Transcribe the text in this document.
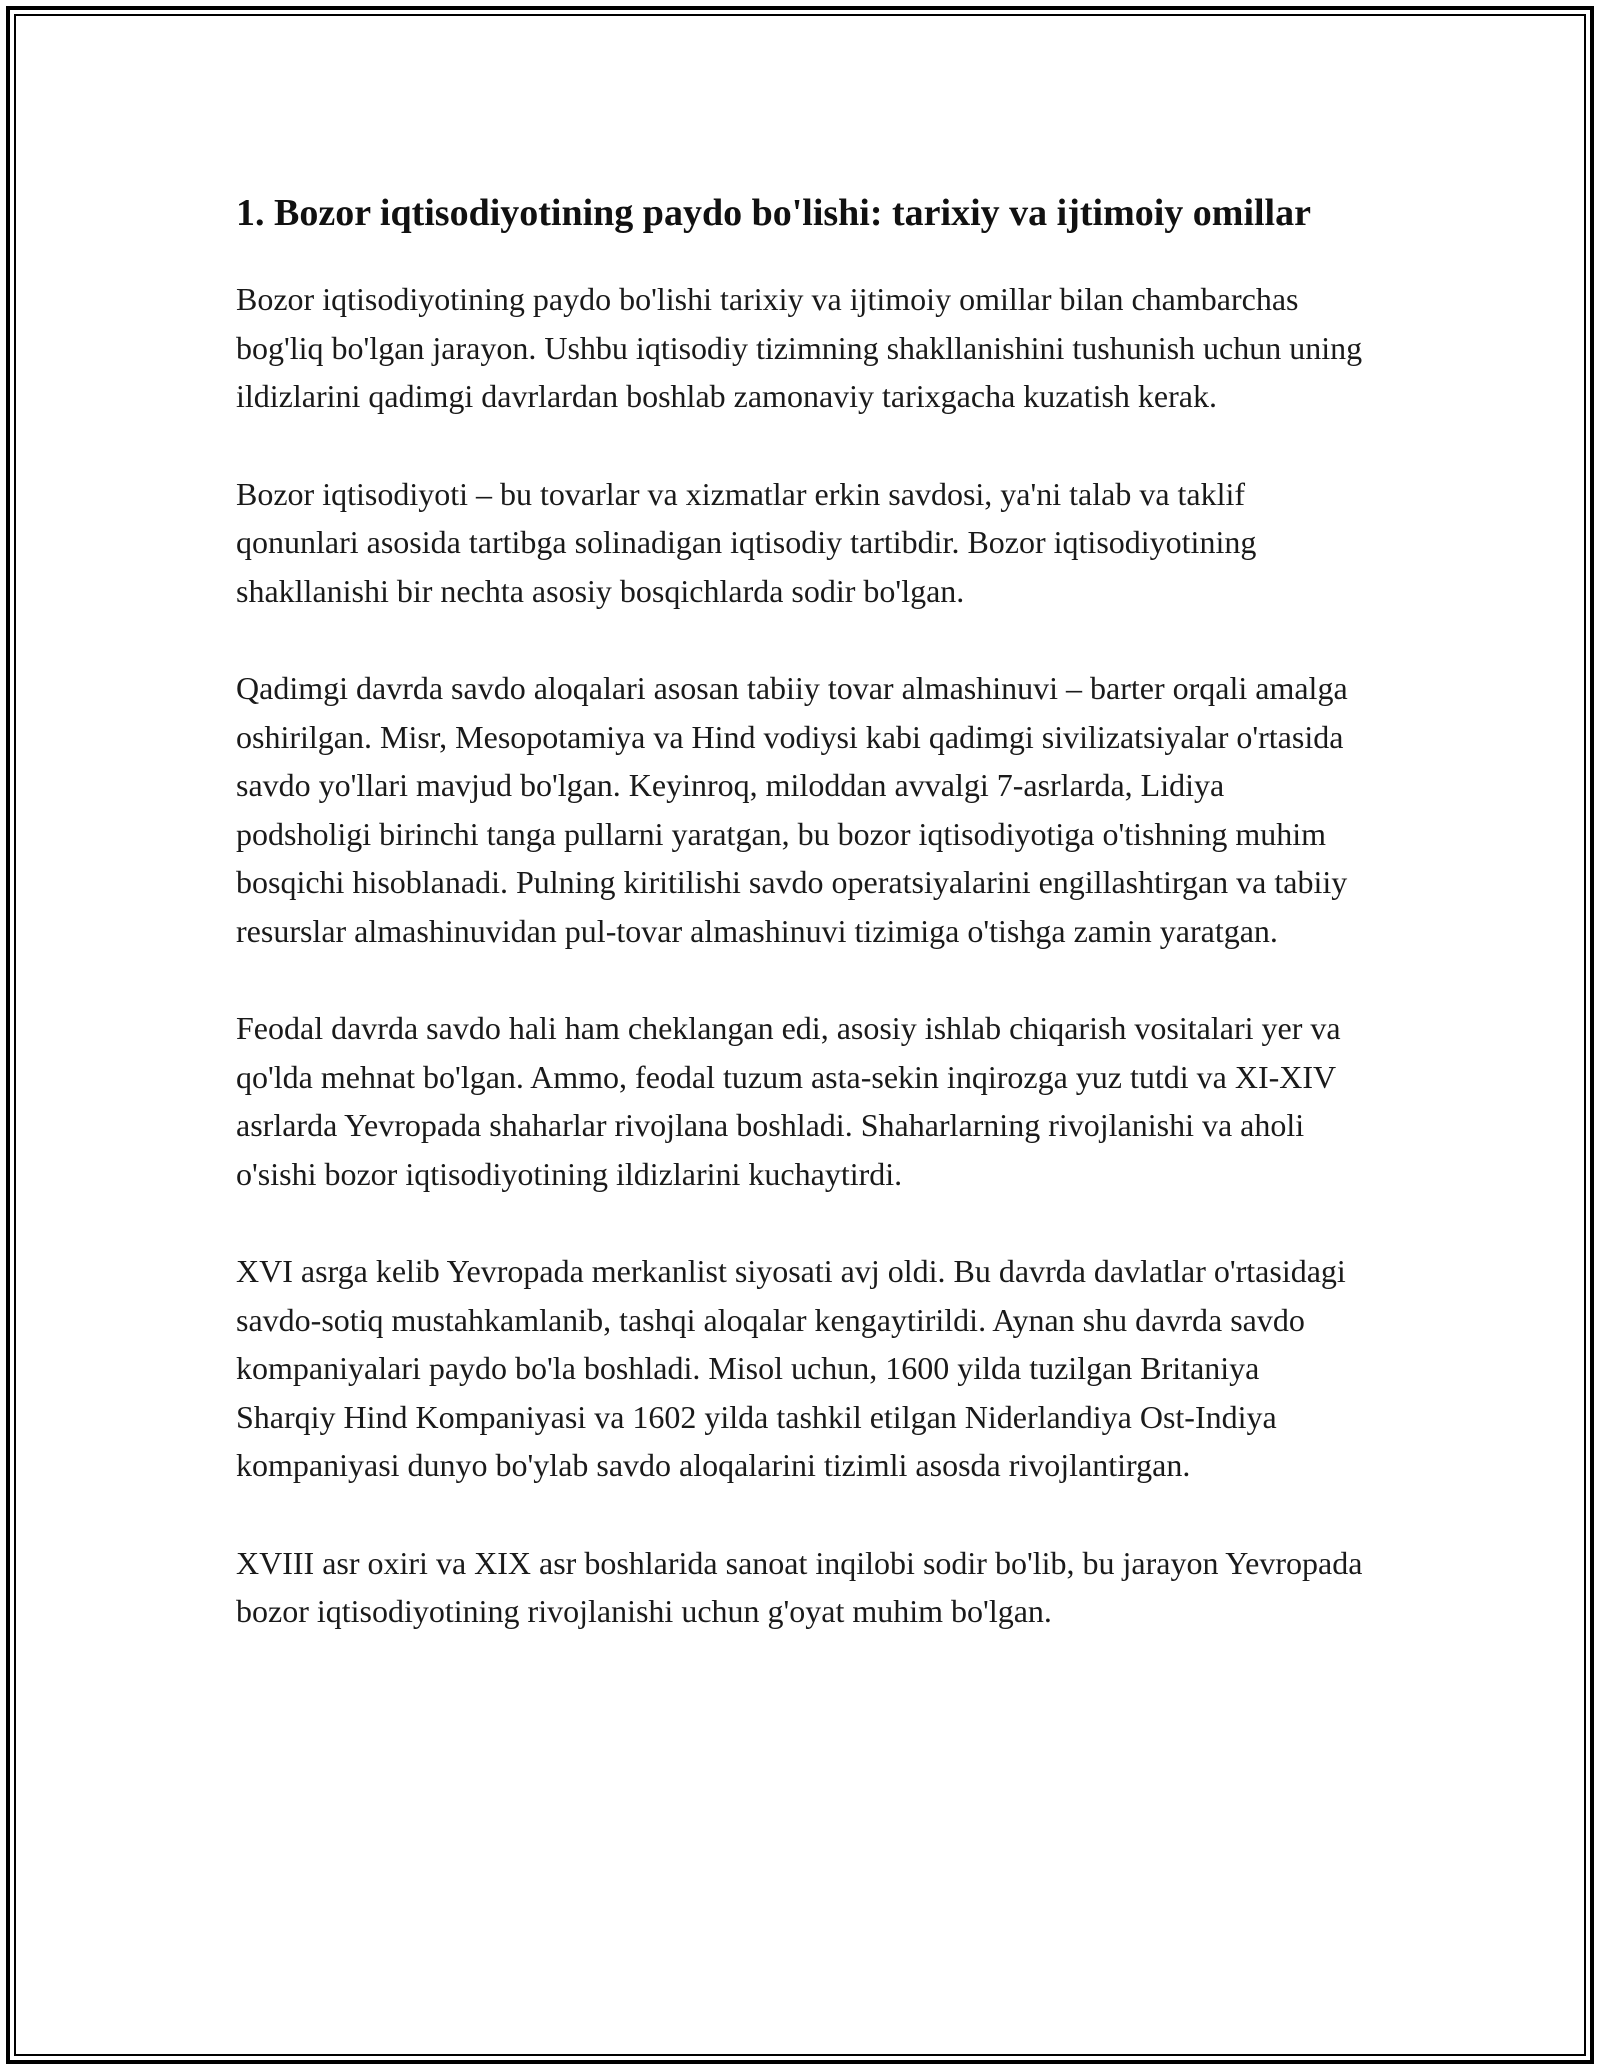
1. Bozor iqtisodiyotining paydo bo'lishi: tarixiy va ijtimoiy omillar

Bozor iqtisodiyotining paydo bo'lishi tarixiy va ijtimoiy omillar bilan chambarchas bog'liq bo'lgan jarayon. Ushbu iqtisodiy tizimning shakllanishini tushunish uchun uning ildizlarini qadimgi davrlardan boshlab zamonaviy tarixgacha kuzatish kerak.

Bozor iqtisodiyoti – bu tovarlar va xizmatlar erkin savdosi, ya'ni talab va taklif qonunlari asosida tartibga solinadigan iqtisodiy tartibdir. Bozor iqtisodiyotining shakllanishi bir nechta asosiy bosqichlarda sodir bo'lgan.

Qadimgi davrda savdo aloqalari asosan tabiiy tovar almashinuvi – barter orqali amalga oshirilgan. Misr, Mesopotamiya va Hind vodiysi kabi qadimgi sivilizatsiyalar o'rtasida savdo yo'llari mavjud bo'lgan. Keyinroq, miloddan avvalgi 7-asrlarda, Lidiya podsholigi birinchi tanga pullarni yaratgan, bu bozor iqtisodiyotiga o'tishning muhim bosqichi hisoblanadi. Pulning kiritilishi savdo operatsiyalarini engillashtirgan va tabiiy resurslar almashinuvidan pul-tovar almashinuvi tizimiga o'tishga zamin yaratgan.

Feodal davrda savdo hali ham cheklangan edi, asosiy ishlab chiqarish vositalari yer va qo'lda mehnat bo'lgan. Ammo, feodal tuzum asta-sekin inqirozga yuz tutdi va XI-XIV asrlarda Yevropada shaharlar rivojlana boshladi. Shaharlarning rivojlanishi va aholi o'sishi bozor iqtisodiyotining ildizlarini kuchaytirdi.

XVI asrga kelib Yevropada merkanlist siyosati avj oldi. Bu davrda davlatlar o'rtasidagi savdo-sotiq mustahkamlanib, tashqi aloqalar kengaytirildi. Aynan shu davrda savdo kompaniyalari paydo bo'la boshladi. Misol uchun, 1600 yilda tuzilgan Britaniya Sharqiy Hind Kompaniyasi va 1602 yilda tashkil etilgan Niderlandiya Ost-Indiya kompaniyasi dunyo bo'ylab savdo aloqalarini tizimli asosda rivojlantirgan.

XVIII asr oxiri va XIX asr boshlarida sanoat inqilobi sodir bo'lib, bu jarayon Yevropada bozor iqtisodiyotining rivojlanishi uchun g'oyat muhim bo'lgan.
